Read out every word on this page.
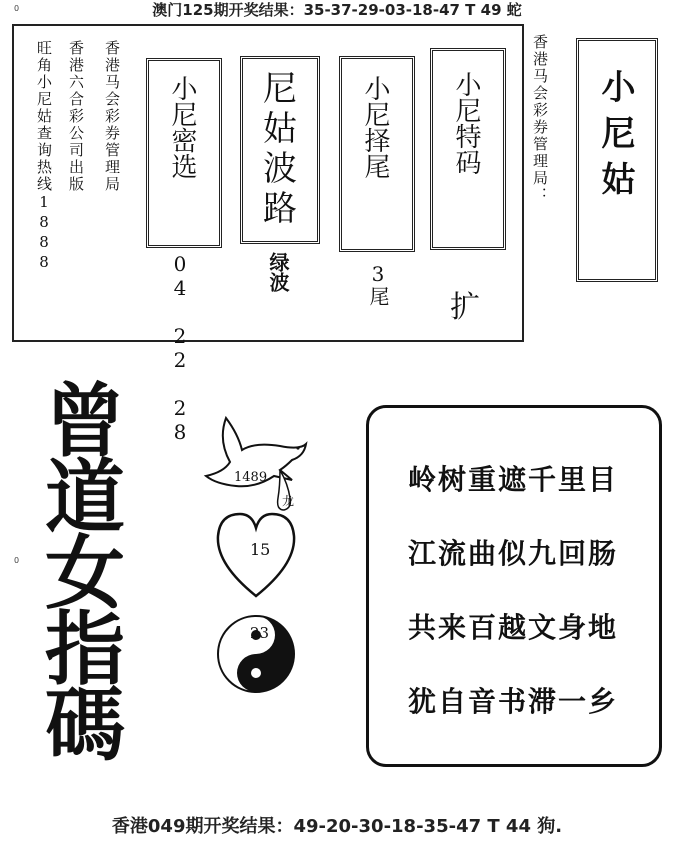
澳门125期开奖结果：35-37-29-03-18-47 T 49 蛇
0
0
旺角小尼姑查询热线1888 香港六合彩公司出版 香港马会彩券管理局 小尼密选
04 22 28
尼
姑
波
路
绿波
小尼择尾
3尾
小尼特码
扩
香港马会彩券管理局： 小尼姑
曾
道
女
指
碼
1489
龙
15
23
岭树重遮千里目
江流曲似九回肠
共来百越文身地
犹自音书滞一乡
香港049期开奖结果：49-20-30-18-35-47 T 44 狗.
